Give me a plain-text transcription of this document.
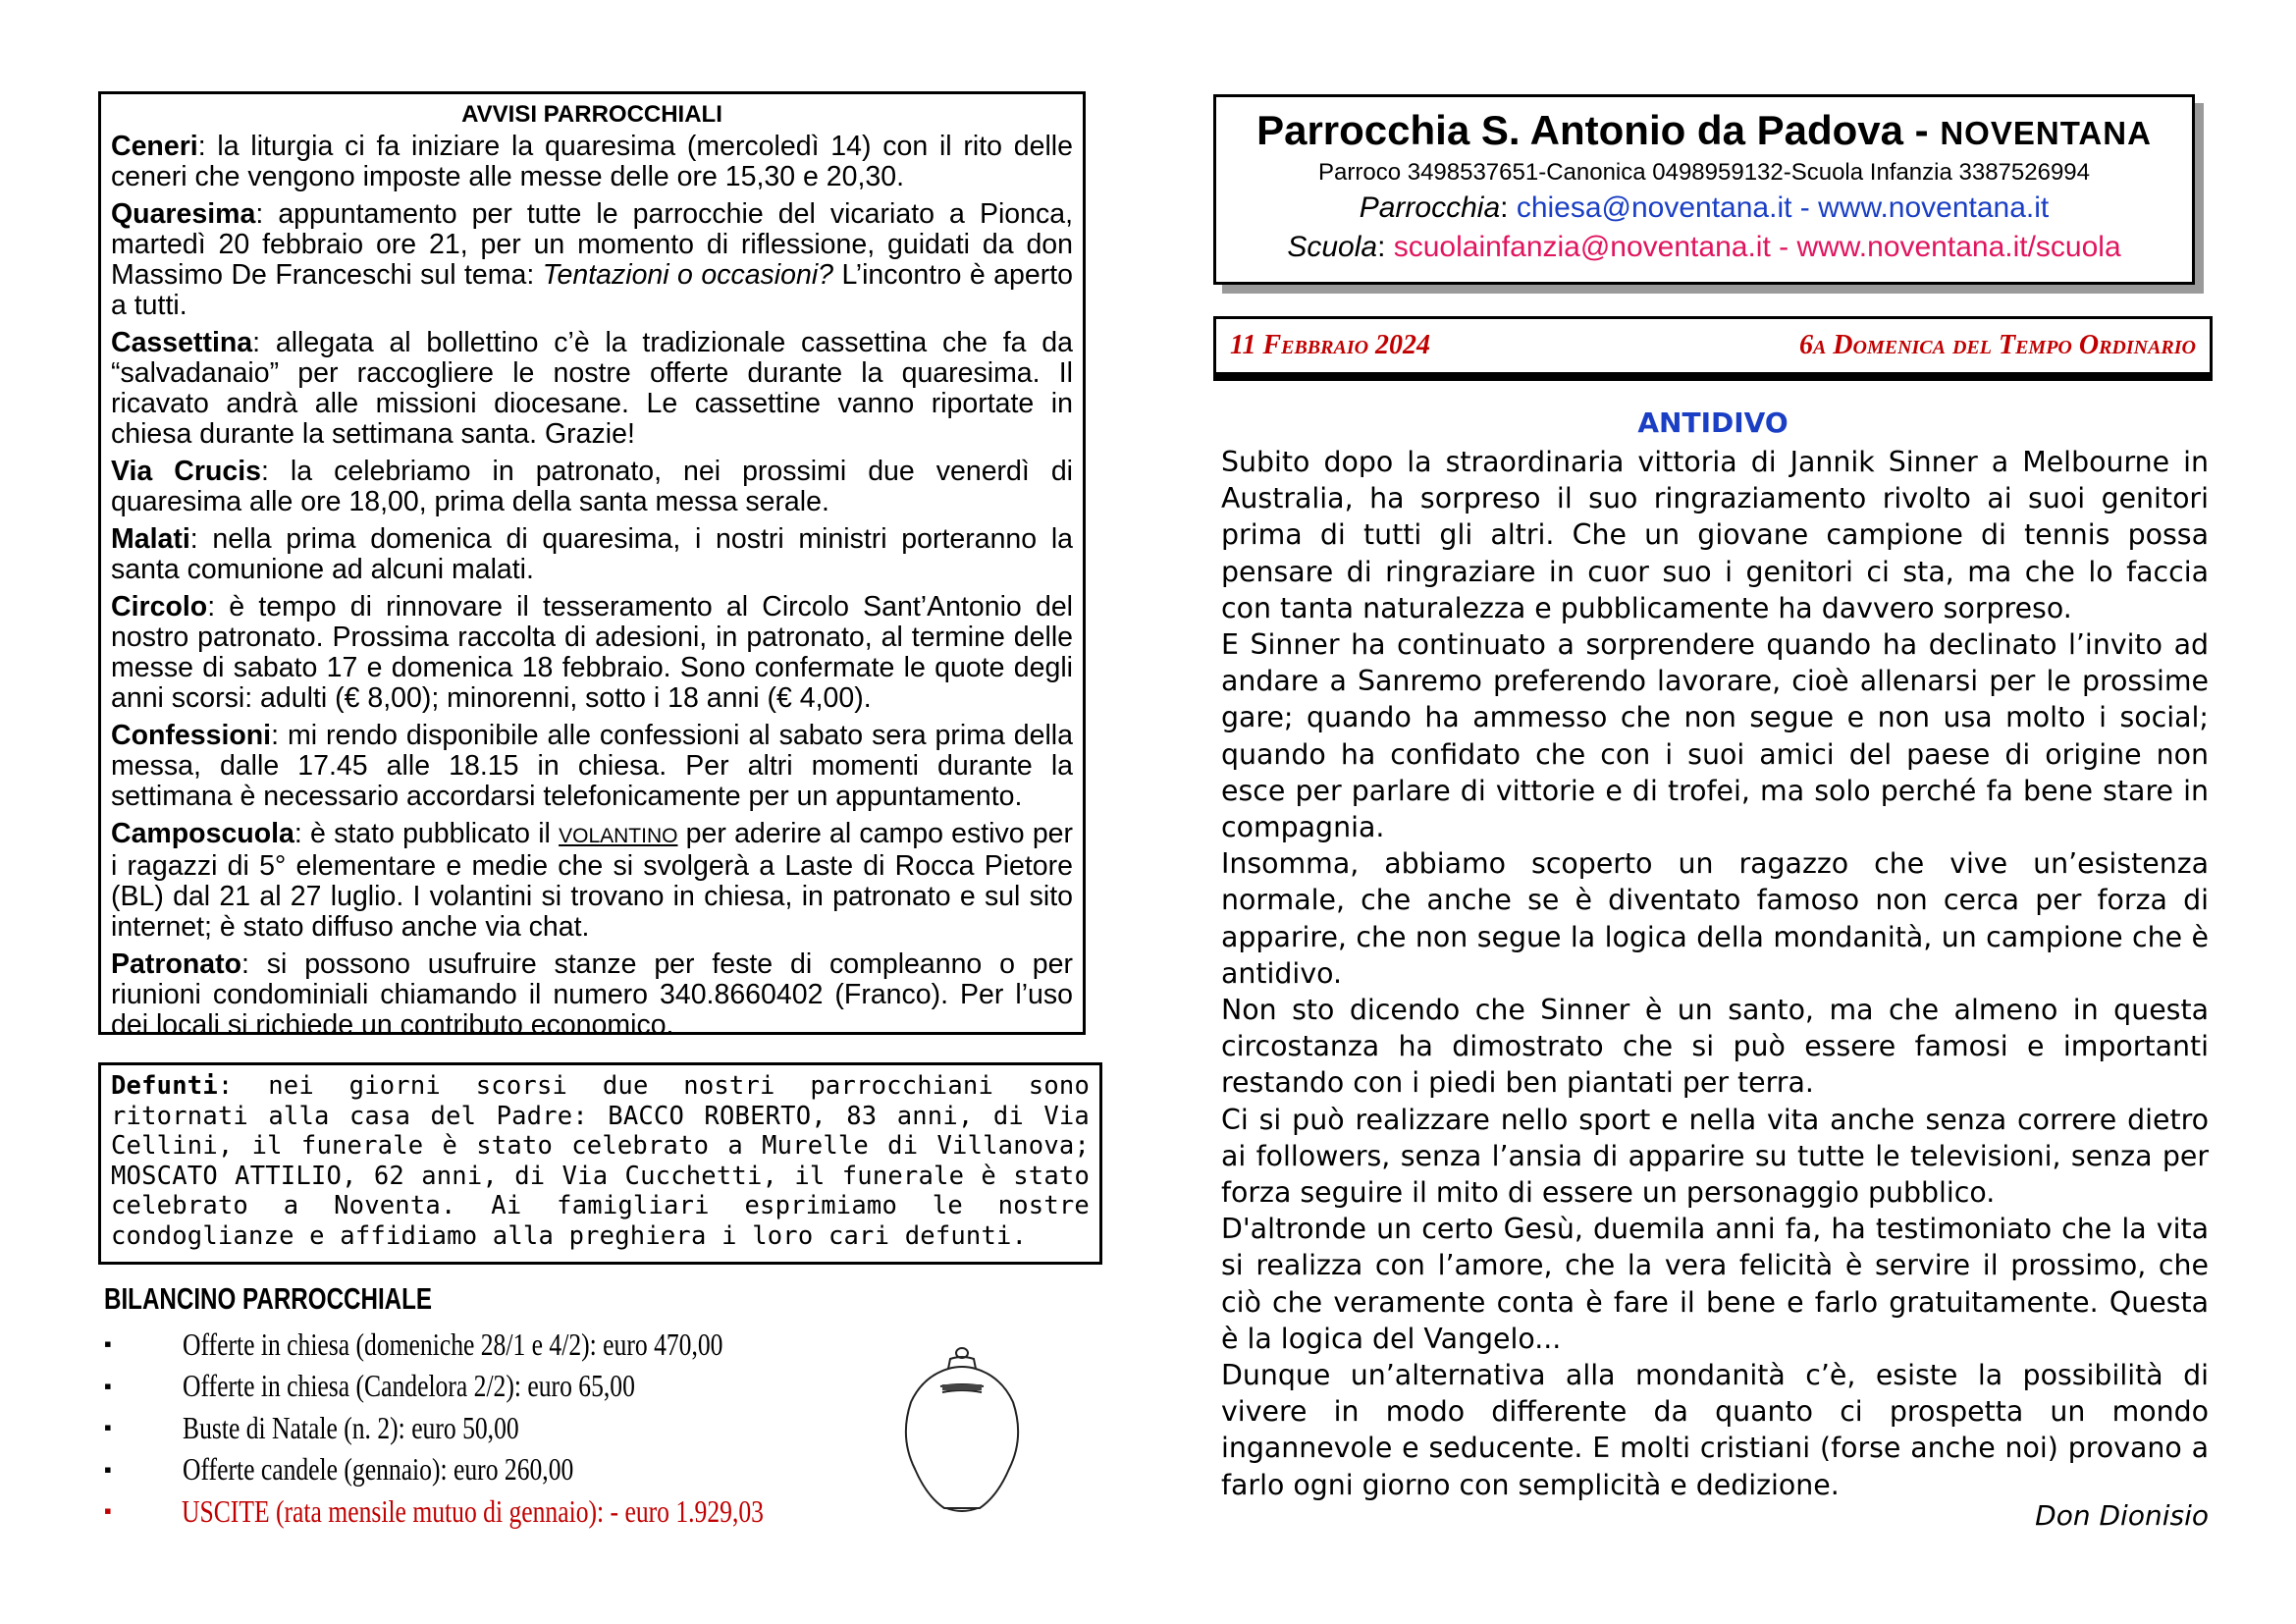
AVVISI PARROCCHIALI
Ceneri: la liturgia ci fa iniziare la quaresima (mercoledì 14) con il rito delle ceneri che vengono imposte alle messe delle ore 15,30 e 20,30.
Quaresima: appuntamento per tutte le parrocchie del vicariato a Pionca, martedì 20 febbraio ore 21, per un momento di riflessione, guidati da don Massimo De Franceschi sul tema: Tentazioni o occasioni? L’incontro è aperto a tutti.
Cassettina: allegata al bollettino c’è la tradizionale cassettina che fa da “salvadanaio” per raccogliere le nostre offerte durante la quaresima. Il ricavato andrà alle missioni diocesane. Le cassettine vanno riportate in chiesa durante la settimana santa. Grazie!
Via Crucis: la celebriamo in patronato, nei prossimi due venerdì di quaresima alle ore 18,00, prima della santa messa serale.
Malati: nella prima domenica di quaresima, i nostri ministri porteranno la santa comunione ad alcuni malati.
Circolo: è tempo di rinnovare il tesseramento al Circolo Sant’Antonio del nostro patronato. Prossima raccolta di adesioni, in patronato, al termine delle messe di sabato 17 e domenica 18 febbraio. Sono confermate le quote degli anni scorsi: adulti (€ 8,00); minorenni, sotto i 18 anni (€ 4,00).
Confessioni: mi rendo disponibile alle confessioni al sabato sera prima della messa, dalle 17.45 alle 18.15 in chiesa. Per altri momenti durante la settimana è necessario accordarsi telefonicamente per un appuntamento.
Camposcuola: è stato pubblicato il VOLANTINO per aderire al campo estivo per i ragazzi di 5° elementare e medie che si svolgerà a Laste di Rocca Pietore (BL) dal 21 al 27 luglio. I volantini si trovano in chiesa, in patronato e sul sito internet; è stato diffuso anche via chat.
Patronato: si possono usufruire stanze per feste di compleanno o per riunioni condominiali chiamando il numero 340.8660402 (Franco). Per l’uso dei locali si richiede un contributo economico.
Defunti: nei giorni scorsi due nostri parrocchiani sono ritornati alla casa del Padre: BACCO ROBERTO, 83 anni, di Via Cellini, il funerale è stato celebrato a Murelle di Villanova; MOSCATO ATTILIO, 62 anni, di Via Cucchetti, il funerale è stato celebrato a Noventa. Ai famigliari esprimiamo le nostre condoglianze e affidiamo alla preghiera i loro cari defunti.
BILANCINO PARROCCHIALE
▪	Offerte in chiesa (domeniche 28/1 e 4/2): euro 470,00
▪	Offerte in chiesa (Candelora 2/2): euro 65,00
▪	Buste di Natale (n. 2): euro 50,00
▪	Offerte candele (gennaio): euro 260,00
▪	USCITE (rata mensile mutuo di gennaio): - euro 1.929,03
Parrocchia S. Antonio da Padova - NOVENTANA
Parroco 3498537651-Canonica 0498959132-Scuola Infanzia 3387526994
Parrocchia: chiesa@noventana.it - www.noventana.it
Scuola: scuolainfanzia@noventana.it - www.noventana.it/scuola
11 Febbraio 2024	6a Domenica del Tempo Ordinario
ANTIDIVO

Subito dopo la straordinaria vittoria di Jannik Sinner a Melbourne in Australia, ha sorpreso il suo ringraziamento rivolto ai suoi genitori prima di tutti gli altri. Che un giovane campione di tennis possa pensare di ringraziare in cuor suo i genitori ci sta, ma che lo faccia con tanta naturalezza e pubblicamente ha davvero sorpreso.

E Sinner ha continuato a sorprendere quando ha declinato l’invito ad andare a Sanremo preferendo lavorare, cioè allenarsi per le prossime gare; quando ha ammesso che non segue e non usa molto i social; quando ha confidato che con i suoi amici del paese di origine non esce per parlare di vittorie e di trofei, ma solo perché fa bene stare in compagnia.

Insomma, abbiamo scoperto un ragazzo che vive un’esistenza normale, che anche se è diventato famoso non cerca per forza di apparire, che non segue la logica della mondanità, un campione che è antidivo.

Non sto dicendo che Sinner è un santo, ma che almeno in questa circostanza ha dimostrato che si può essere famosi e importanti restando con i piedi ben piantati per terra.

Ci si può realizzare nello sport e nella vita anche senza correre dietro ai followers, senza l’ansia di apparire su tutte le televisioni, senza per forza seguire il mito di essere un personaggio pubblico.

D'altronde un certo Gesù, duemila anni fa, ha testimoniato che la vita si realizza con l’amore, che la vera felicità è servire il prossimo, che ciò che veramente conta è fare il bene e farlo gratuitamente. Questa è la logica del Vangelo...

Dunque un’alternativa alla mondanità c’è, esiste la possibilità di vivere in modo differente da quanto ci prospetta un mondo ingannevole e seducente. E molti cristiani (forse anche noi) provano a farlo ogni giorno con semplicità e dedizione.

Don Dionisio
